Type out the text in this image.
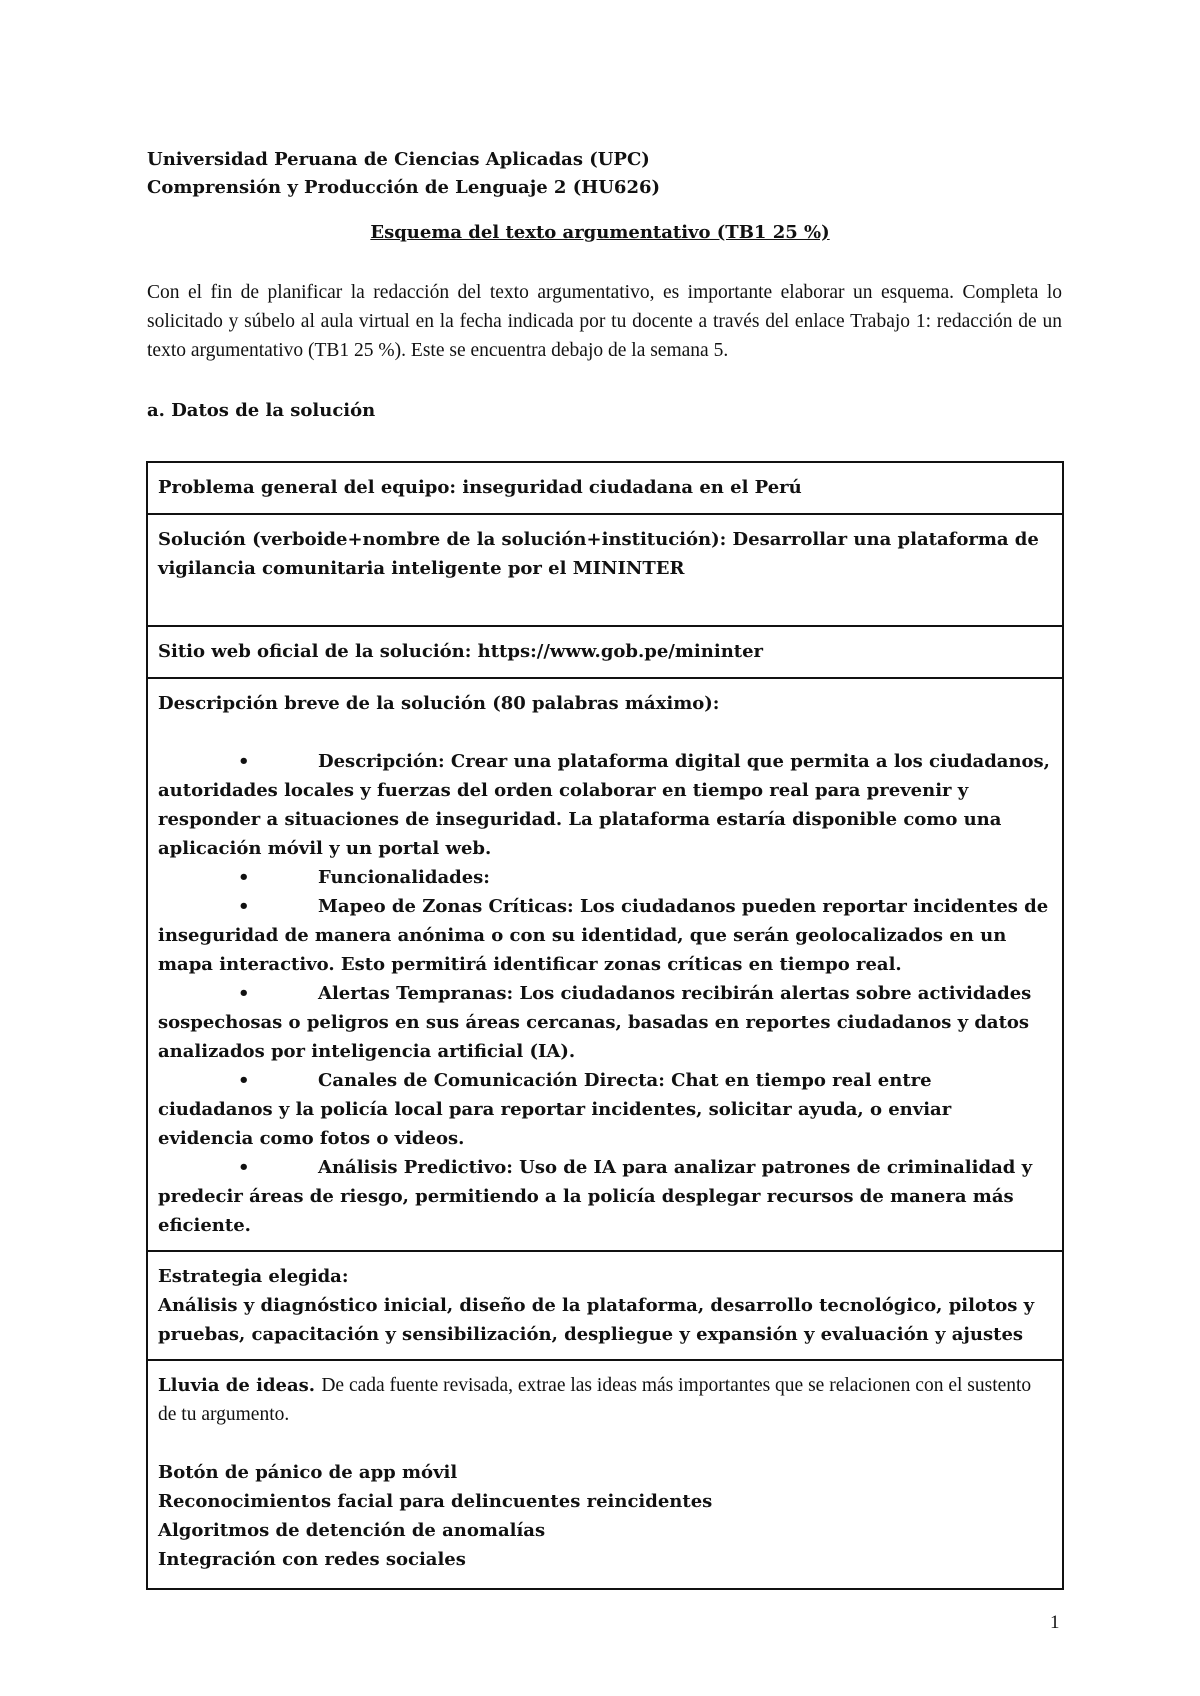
Universidad Peruana de Ciencias Aplicadas (UPC)
Comprensión y Producción de Lenguaje 2 (HU626)
Esquema del texto argumentativo (TB1 25 %)
Con el fin de planificar la redacción del texto argumentativo, es importante elaborar un esquema. Completa lo solicitado y súbelo al aula virtual en la fecha indicada por tu docente a través del enlace Trabajo 1: redacción de un texto argumentativo (TB1 25 %). Este se encuentra debajo de la semana 5.
a. Datos de la solución
Problema general del equipo: inseguridad ciudadana en el Perú
Solución (verboide+nombre de la solución+institución): Desarrollar una plataforma de vigilancia comunitaria inteligente por el MININTER
Sitio web oficial de la solución: https://www.gob.pe/mininter

Descripción breve de la solución (80 palabras máximo):
•	Descripción: Crear una plataforma digital que permita a los ciudadanos, autoridades locales y fuerzas del orden colaborar en tiempo real para prevenir y responder a situaciones de inseguridad. La plataforma estaría disponible como una aplicación móvil y un portal web.
•	Funcionalidades:
•	Mapeo de Zonas Críticas: Los ciudadanos pueden reportar incidentes de inseguridad de manera anónima o con su identidad, que serán geolocalizados en un mapa interactivo. Esto permitirá identificar zonas críticas en tiempo real.
•	Alertas Tempranas: Los ciudadanos recibirán alertas sobre actividades sospechosas o peligros en sus áreas cercanas, basadas en reportes ciudadanos y datos analizados por inteligencia artificial (IA).
•	Canales de Comunicación Directa: Chat en tiempo real entre ciudadanos y la policía local para reportar incidentes, solicitar ayuda, o enviar evidencia como fotos o videos.
•	Análisis Predictivo: Uso de IA para analizar patrones de criminalidad y predecir áreas de riesgo, permitiendo a la policía desplegar recursos de manera más eficiente.

Estrategia elegida:
Análisis y diagnóstico inicial, diseño de la plataforma, desarrollo tecnológico, pilotos y pruebas, capacitación y sensibilización, despliegue y expansión y evaluación y ajustes

Lluvia de ideas. De cada fuente revisada, extrae las ideas más importantes que se relacionen con el sustento de tu argumento.
Botón de pánico de app móvil
Reconocimientos facial para delincuentes reincidentes
Algoritmos de detención de anomalías
Integración con redes sociales
1
